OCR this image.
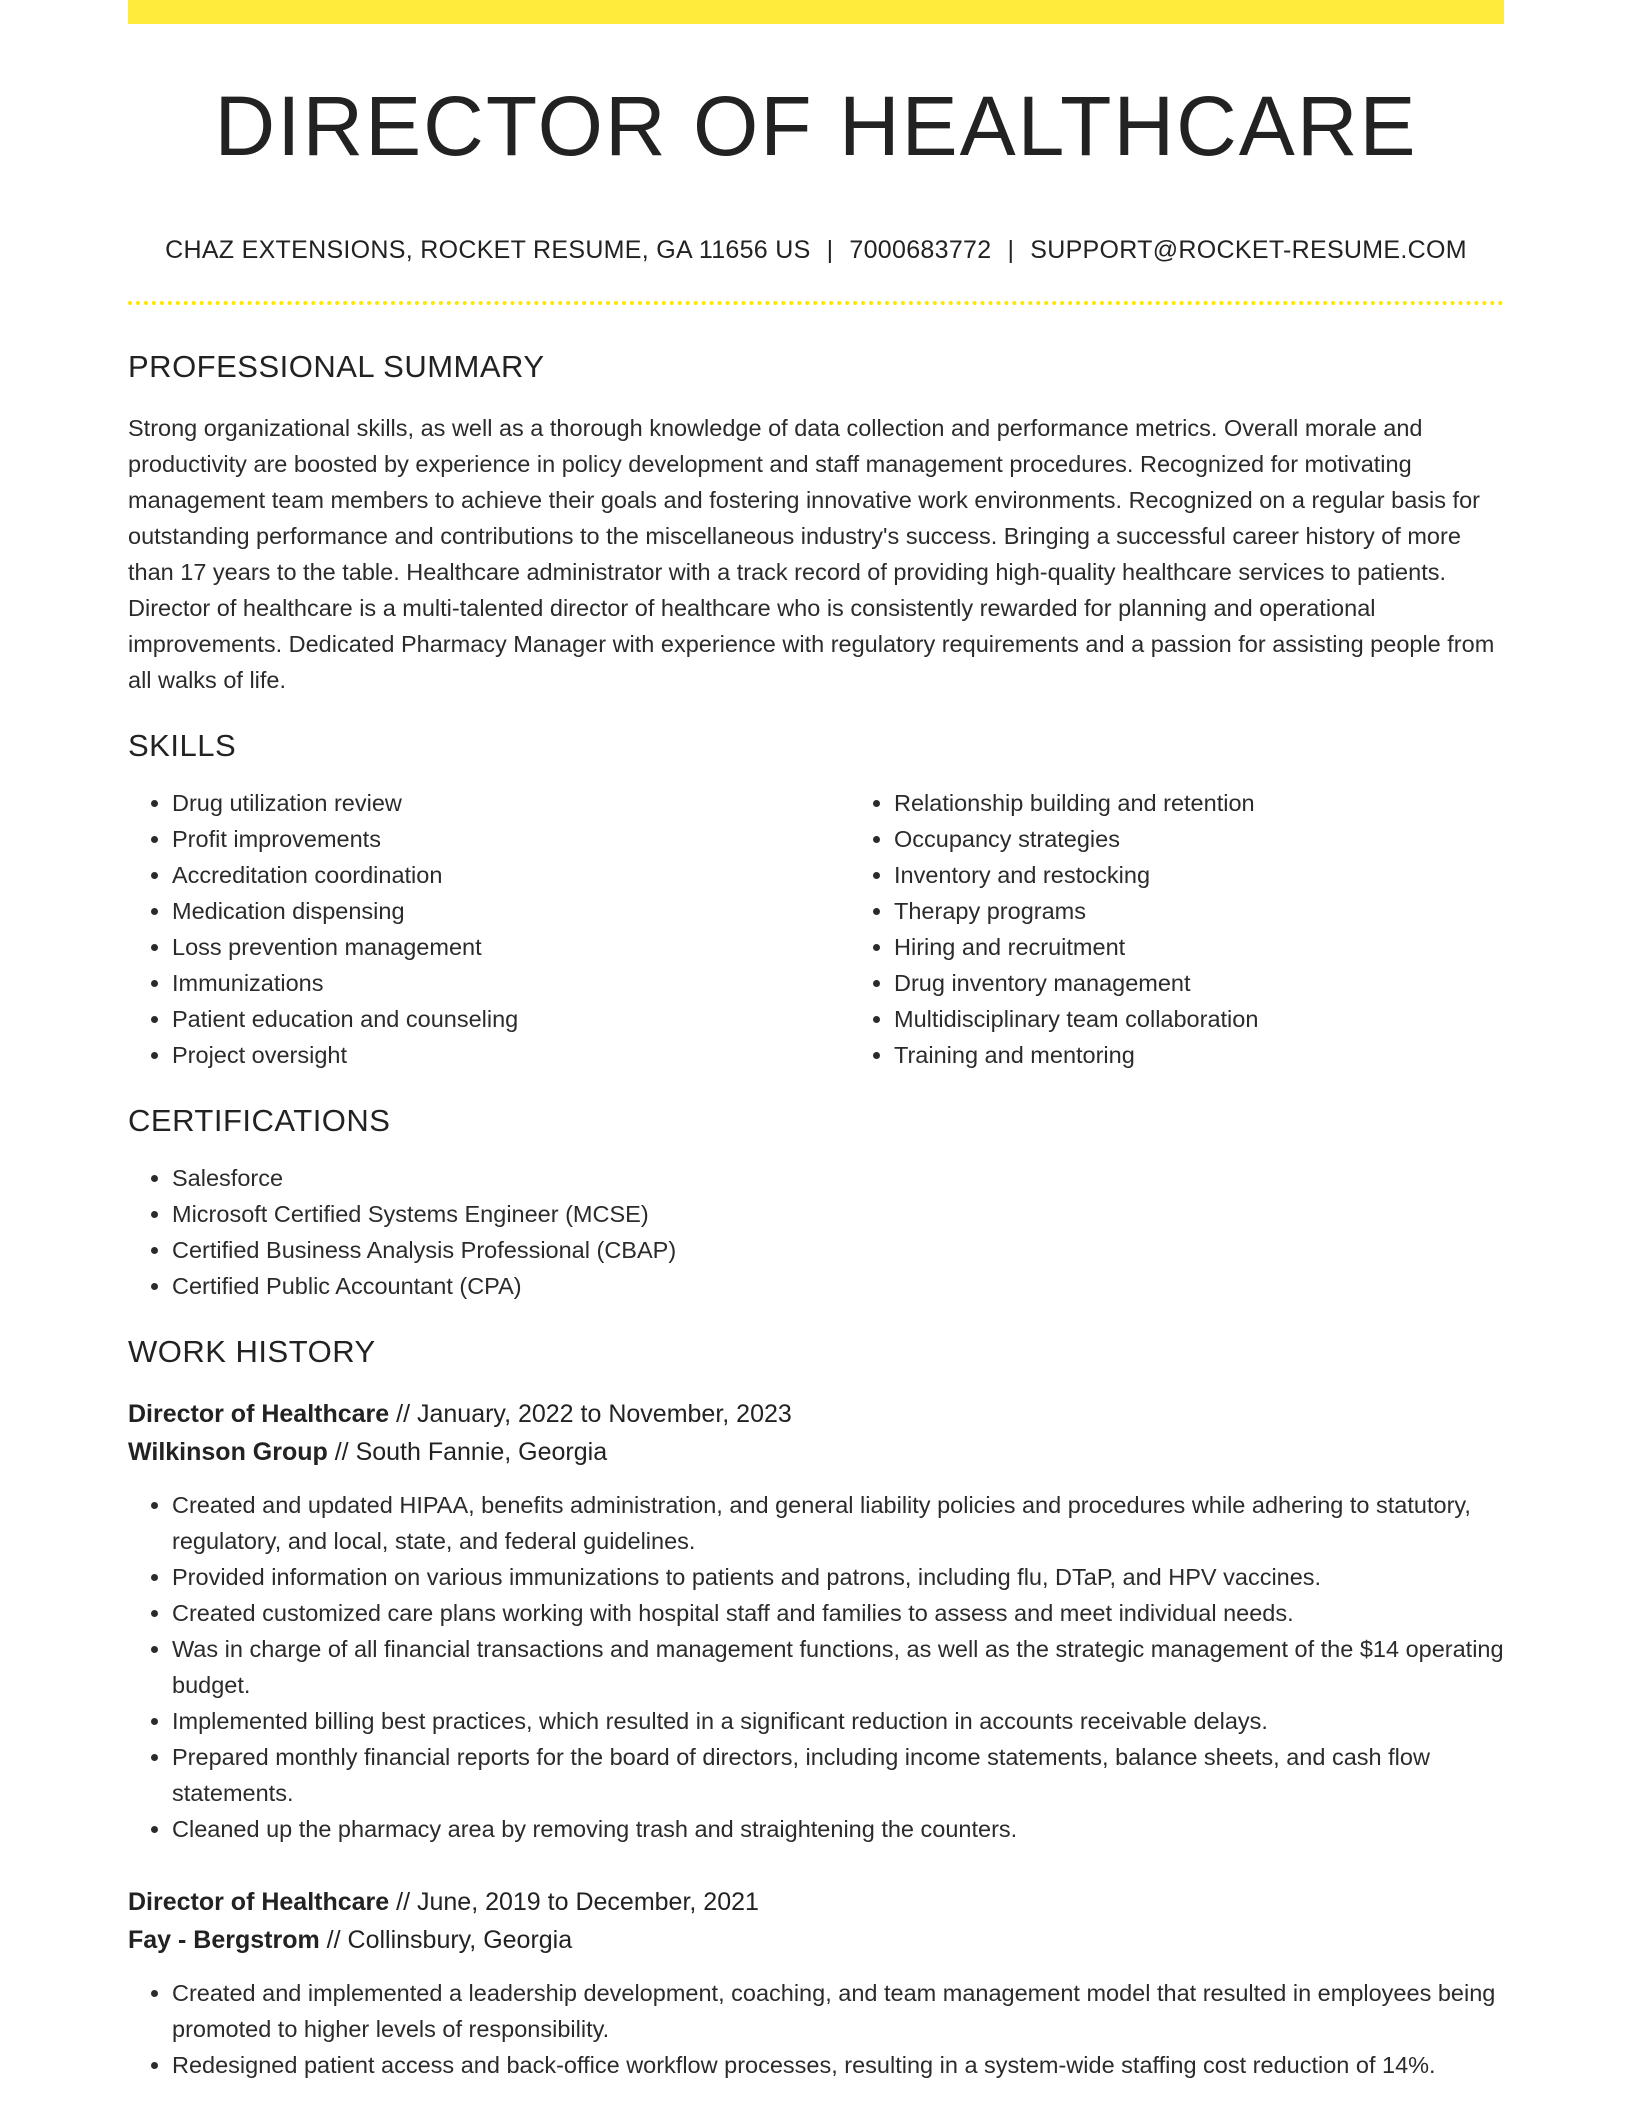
DIRECTOR OF HEALTHCARE
CHAZ EXTENSIONS, ROCKET RESUME, GA 11656 US | 7000683772 | SUPPORT@ROCKET-RESUME.COM
PROFESSIONAL SUMMARY

Strong organizational skills, as well as a thorough knowledge of data collection and performance metrics. Overall morale and productivity are boosted by experience in policy development and staff management procedures. Recognized for motivating management team members to achieve their goals and fostering innovative work environments. Recognized on a regular basis for outstanding performance and contributions to the miscellaneous industry's success. Bringing a successful career history of more than 17 years to the table. Healthcare administrator with a track record of providing high-quality healthcare services to patients. Director of healthcare is a multi-talented director of healthcare who is consistently rewarded for planning and operational improvements. Dedicated Pharmacy Manager with experience with regulatory requirements and a passion for assisting people from all walks of life.

SKILLS
• Drug utilization review
• Profit improvements
• Accreditation coordination
• Medication dispensing
• Loss prevention management
• Immunizations
• Patient education and counseling
• Project oversight
• Relationship building and retention
• Occupancy strategies
• Inventory and restocking
• Therapy programs
• Hiring and recruitment
• Drug inventory management
• Multidisciplinary team collaboration
• Training and mentoring
CERTIFICATIONS
• Salesforce
• Microsoft Certified Systems Engineer (MCSE)
• Certified Business Analysis Professional (CBAP)
• Certified Public Accountant (CPA)
WORK HISTORY
Director of Healthcare // January, 2022 to November, 2023
Wilkinson Group // South Fannie, Georgia
• Created and updated HIPAA, benefits administration, and general liability policies and procedures while adhering to statutory, regulatory, and local, state, and federal guidelines.
• Provided information on various immunizations to patients and patrons, including flu, DTaP, and HPV vaccines.
• Created customized care plans working with hospital staff and families to assess and meet individual needs.
• Was in charge of all financial transactions and management functions, as well as the strategic management of the $14 operating budget.
• Implemented billing best practices, which resulted in a significant reduction in accounts receivable delays.
• Prepared monthly financial reports for the board of directors, including income statements, balance sheets, and cash flow statements.
• Cleaned up the pharmacy area by removing trash and straightening the counters.
Director of Healthcare // June, 2019 to December, 2021
Fay - Bergstrom // Collinsbury, Georgia
• Created and implemented a leadership development, coaching, and team management model that resulted in employees being promoted to higher levels of responsibility.
• Redesigned patient access and back-office workflow processes, resulting in a system-wide staffing cost reduction of 14%.
